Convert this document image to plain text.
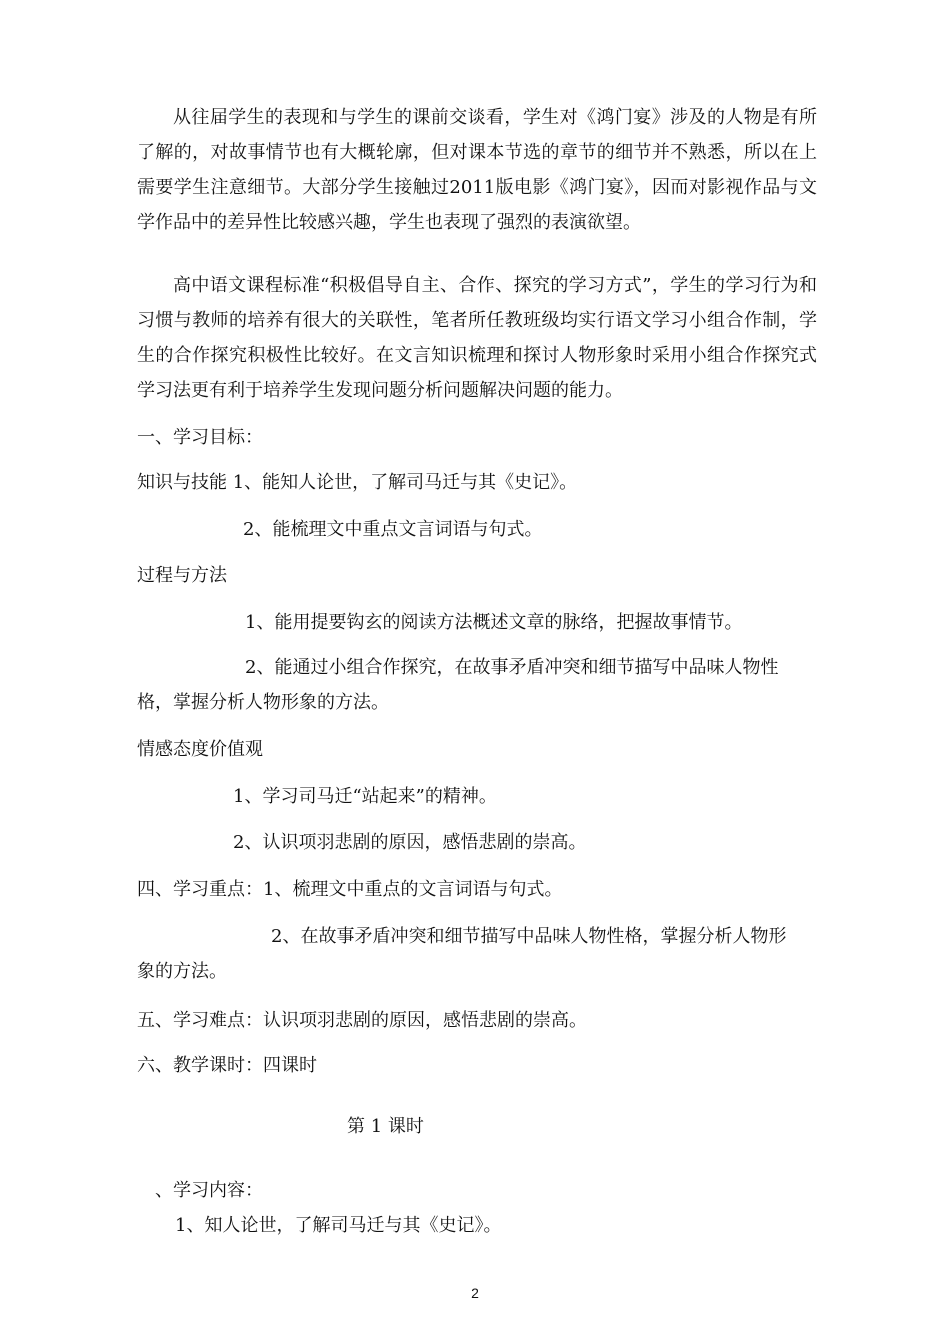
从往届学生的表现和与学生的课前交谈看，学生对《鸿门宴》涉及的人物是有所了解的，对故事情节也有大概轮廓，但对课本节选的章节的细节并不熟悉，所以在上需要学生注意细节。大部分学生接触过2011版电影《鸿门宴》，因而对影视作品与文学作品中的差异性比较感兴趣，学生也表现了强烈的表演欲望。

高中语文课程标准“积极倡导自主、合作、探究的学习方式”，学生的学习行为和习惯与教师的培养有很大的关联性，笔者所任教班级均实行语文学习小组合作制，学生的合作探究积极性比较好。在文言知识梳理和探讨人物形象时采用小组合作探究式学习法更有利于培养学生发现问题分析问题解决问题的能力。

一、学习目标：
知识与技能 1、能知人论世，了解司马迁与其《史记》。
2、能梳理文中重点文言词语与句式。
过程与方法
1、能用提要钩玄的阅读方法概述文章的脉络，把握故事情节。
2、能通过小组合作探究，在故事矛盾冲突和细节描写中品味人物性
格，掌握分析人物形象的方法。
情感态度价值观
1、学习司马迁“站起来”的精神。
2、认识项羽悲剧的原因，感悟悲剧的崇高。
四、学习重点：1、梳理文中重点的文言词语与句式。
2、在故事矛盾冲突和细节描写中品味人物性格，掌握分析人物形
象的方法。
五、学习难点：认识项羽悲剧的原因，感悟悲剧的崇高。
六、教学课时：四课时
第 1 课时
、学习内容：
1、知人论世，了解司马迁与其《史记》。
2
